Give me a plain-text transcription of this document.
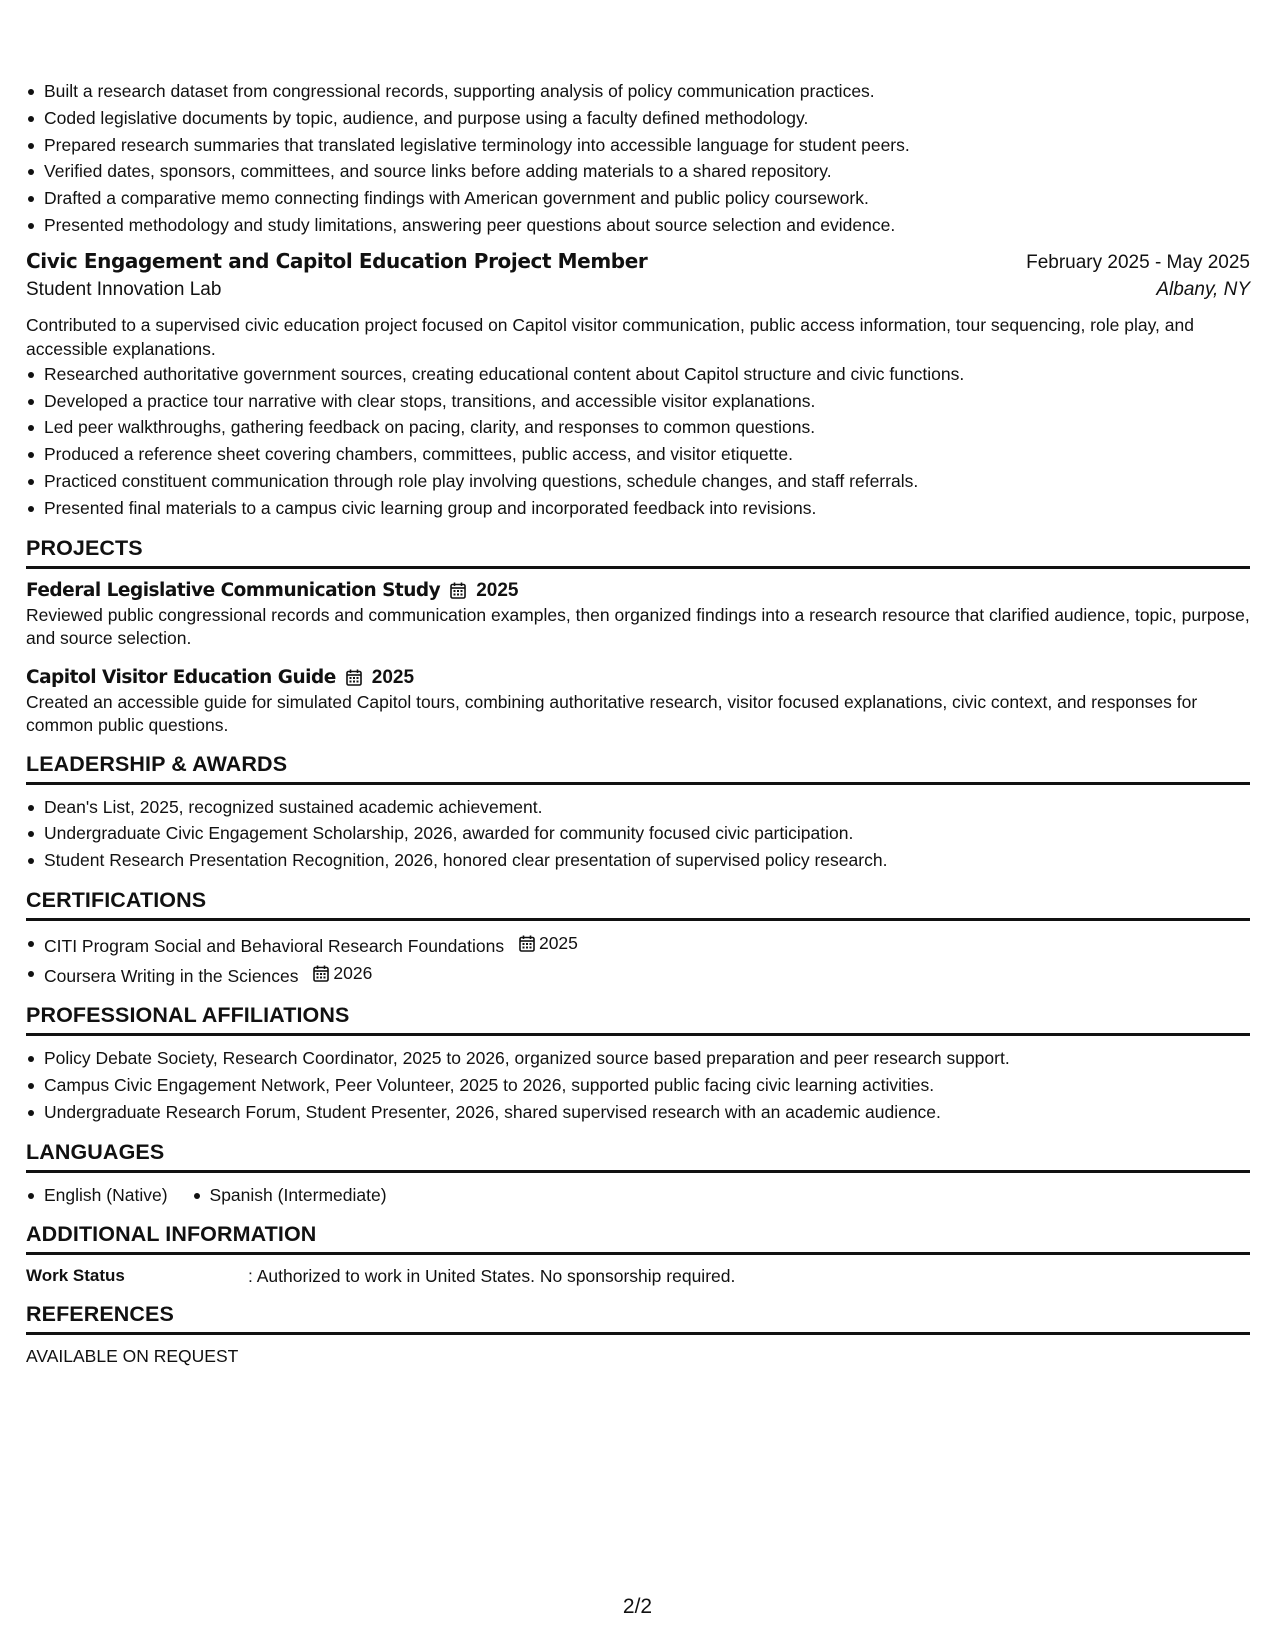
Built a research dataset from congressional records, supporting analysis of policy communication practices.
Coded legislative documents by topic, audience, and purpose using a faculty defined methodology.
Prepared research summaries that translated legislative terminology into accessible language for student peers.
Verified dates, sponsors, committees, and source links before adding materials to a shared repository.
Drafted a comparative memo connecting findings with American government and public policy coursework.
Presented methodology and study limitations, answering peer questions about source selection and evidence.
Civic Engagement and Capitol Education Project Member	February 2025 - May 2025
Student Innovation Lab	Albany, NY
Contributed to a supervised civic education project focused on Capitol visitor communication, public access information, tour sequencing, role play, and accessible explanations.
Researched authoritative government sources, creating educational content about Capitol structure and civic functions.
Developed a practice tour narrative with clear stops, transitions, and accessible visitor explanations.
Led peer walkthroughs, gathering feedback on pacing, clarity, and responses to common questions.
Produced a reference sheet covering chambers, committees, public access, and visitor etiquette.
Practiced constituent communication through role play involving questions, schedule changes, and staff referrals.
Presented final materials to a campus civic learning group and incorporated feedback into revisions.
PROJECTS
Federal Legislative Communication Study 2025
Reviewed public congressional records and communication examples, then organized findings into a research resource that clarified audience, topic, purpose, and source selection.
Capitol Visitor Education Guide 2025
Created an accessible guide for simulated Capitol tours, combining authoritative research, visitor focused explanations, civic context, and responses for common public questions.
LEADERSHIP & AWARDS
Dean's List, 2025, recognized sustained academic achievement.
Undergraduate Civic Engagement Scholarship, 2026, awarded for community focused civic participation.
Student Research Presentation Recognition, 2026, honored clear presentation of supervised policy research.
CERTIFICATIONS
CITI Program Social and Behavioral Research Foundations 2025
Coursera Writing in the Sciences 2026
PROFESSIONAL AFFILIATIONS
Policy Debate Society, Research Coordinator, 2025 to 2026, organized source based preparation and peer research support.
Campus Civic Engagement Network, Peer Volunteer, 2025 to 2026, supported public facing civic learning activities.
Undergraduate Research Forum, Student Presenter, 2026, shared supervised research with an academic audience.
LANGUAGES
English (Native)	Spanish (Intermediate)
ADDITIONAL INFORMATION
Work Status	: Authorized to work in United States. No sponsorship required.
REFERENCES
AVAILABLE ON REQUEST
2/2
